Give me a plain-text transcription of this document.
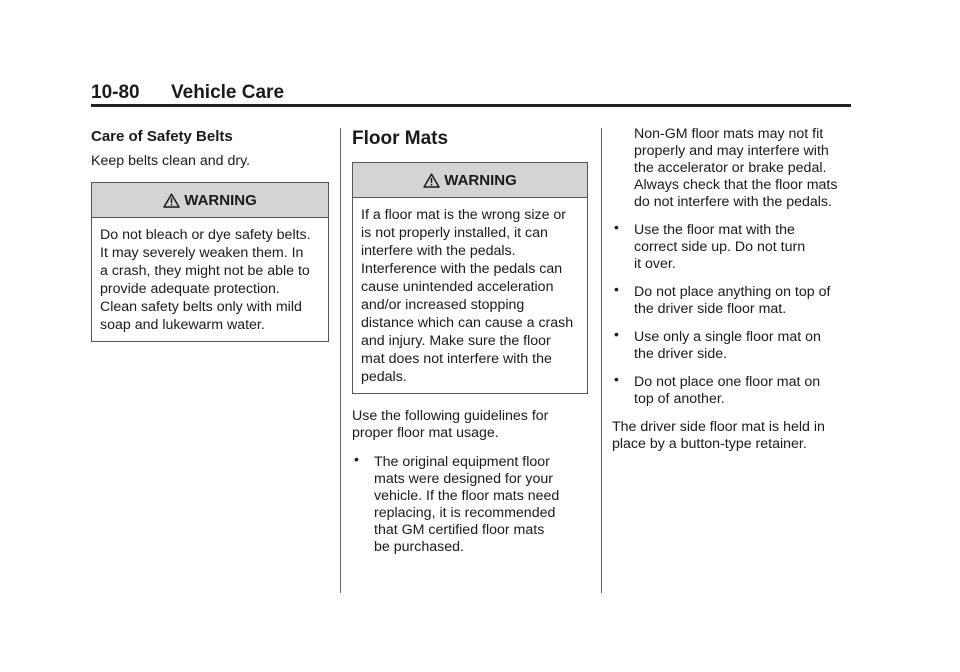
10-80 Vehicle Care
Care of Safety Belts

Keep belts clean and dry.

WARNING
Do not bleach or dye safety belts.
It may severely weaken them. In
a crash, they might not be able to
provide adequate protection.
Clean safety belts only with mild
soap and lukewarm water.
Floor Mats
WARNING
If a floor mat is the wrong size or
is not properly installed, it can
interfere with the pedals.
Interference with the pedals can
cause unintended acceleration
and/or increased stopping
distance which can cause a crash
and injury. Make sure the floor
mat does not interfere with the
pedals.

Use the following guidelines for
proper floor mat usage.

• The original equipment floor
mats were designed for your
vehicle. If the floor mats need
replacing, it is recommended
that GM certified floor mats
be purchased.
Non-GM floor mats may not fit
properly and may interfere with
the accelerator or brake pedal.
Always check that the floor mats
do not interfere with the pedals.
• Use the floor mat with the
correct side up. Do not turn
it over.
• Do not place anything on top of
the driver side floor mat.
• Use only a single floor mat on
the driver side.
• Do not place one floor mat on
top of another.

The driver side floor mat is held in
place by a button-type retainer.
